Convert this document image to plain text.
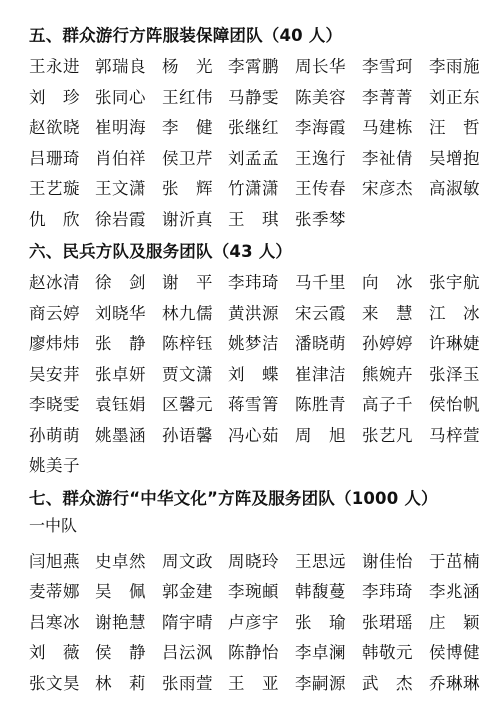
五、群众游行方阵服装保障团队（40 人）
王永进 郭瑞良 杨　光 李霄鹏 周长华 李雪珂 李雨施
刘　珍 张同心 王红伟 马静雯 陈美容 李菁菁 刘正东
赵欲晓 崔明海 李　健 张继红 李海霞 马建栋 汪　哲
吕珊琦 肖伯祥 侯卫芹 刘孟孟 王逸行 李祉倩 吴增抱
王艺璇 王文潇 张　辉 竹潇潇 王传春 宋彦杰 高淑敏
仇　欣 徐岩霞 谢沂真 王　琪 张季棽
六、民兵方队及服务团队（43 人）
赵冰清 徐　剑 谢　平 李玮琦 马千里 向　冰 张宇航
商云婷 刘晓华 林九儒 黄洪源 宋云霞 来　慧 江　冰
廖炜炜 张　静 陈梓钰 姚梦洁 潘晓萌 孙婷婷 许琳婕
吴安茾 张卓妍 贾文潇 刘　蝶 崔津洁 熊婉卉 张泽玉
李晓雯 袁钰娟 区馨元 蒋雪箐 陈胜青 高子千 侯怡帆
孙萌萌 姚墨涵 孙语馨 冯心茹 周　旭 张艺凡 马梓萱
姚美子
七、群众游行“中华文化”方阵及服务团队（1000 人）
一中队
闫旭燕 史卓然 周文政 周晓玲 王思远 谢佳怡 于茁楠
麦蒂娜 吴　佩 郭金建 李琬頔 韩馥蔓 李玮琦 李兆涵
吕寒冰 谢艳慧 隋宇晴 卢彦宇 张　瑜 张珺瑶 庄　颖
刘　薇 侯　静 吕沄沨 陈静怡 李卓澜 韩敬元 侯博健
张文昊 林　莉 张雨萱 王　亚 李嗣源 武　杰 乔琳琳
